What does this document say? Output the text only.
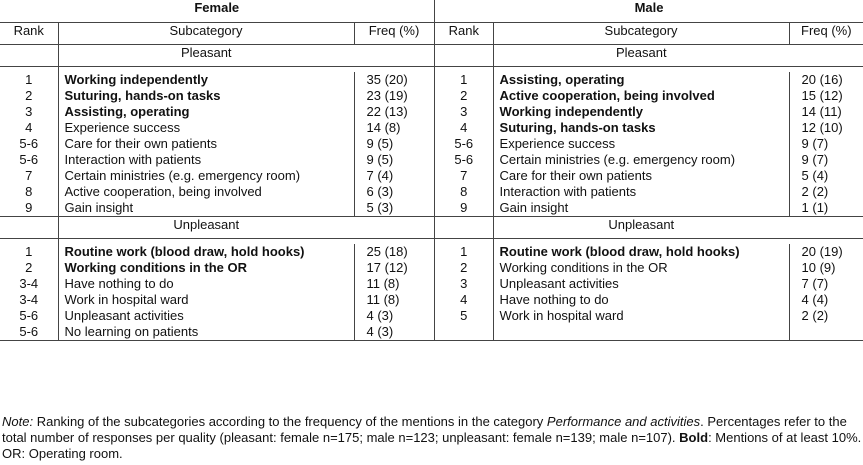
Female			Male		
Rank	Subcategory	Freq (%)		Rank	Subcategory	Freq (%)
	Pleasant				Pleasant	

1	Working independently	35 (20)		1	Assisting, operating	20 (16)
2	Suturing, hands-on tasks	23 (19)		2	Active cooperation, being involved	15 (12)
3	Assisting, operating	22 (13)		3	Working independently	14 (11)
4	Experience success	14 (8)		4	Suturing, hands-on tasks	12 (10)
5-6	Care for their own patients	9 (5)		5-6	Experience success	9 (7)
5-6	Interaction with patients	9 (5)		5-6	Certain ministries (e.g. emergency room)	9 (7)
7	Certain ministries (e.g. emergency room)	7 (4)		7	Care for their own patients	5 (4)
8	Active cooperation, being involved	6 (3)		8	Interaction with patients	2 (2)
9	Gain insight	5 (3)		9	Gain insight	1 (1)
	Unpleasant				Unpleasant	

1	Routine work (blood draw, hold hooks)	25 (18)		1	Routine work (blood draw, hold hooks)	20 (19)
2	Working conditions in the OR	17 (12)		2	Working conditions in the OR	10 (9)
3-4	Have nothing to do	11 (8)		3	Unpleasant activities	7 (7)
3-4	Work in hospital ward	11 (8)		4	Have nothing to do	4 (4)
5-6	Unpleasant activities	4 (3)		5	Work in hospital ward	2 (2)
5-6	No learning on patients	4 (3)				
Note: Ranking of the subcategories according to the frequency of the mentions in the category Performance and activities. Percentages refer to the total number of responses per quality (pleasant: female n=175; male n=123; unpleasant: female n=139; male n=107). Bold: Mentions of at least 10%. OR: Operating room.
